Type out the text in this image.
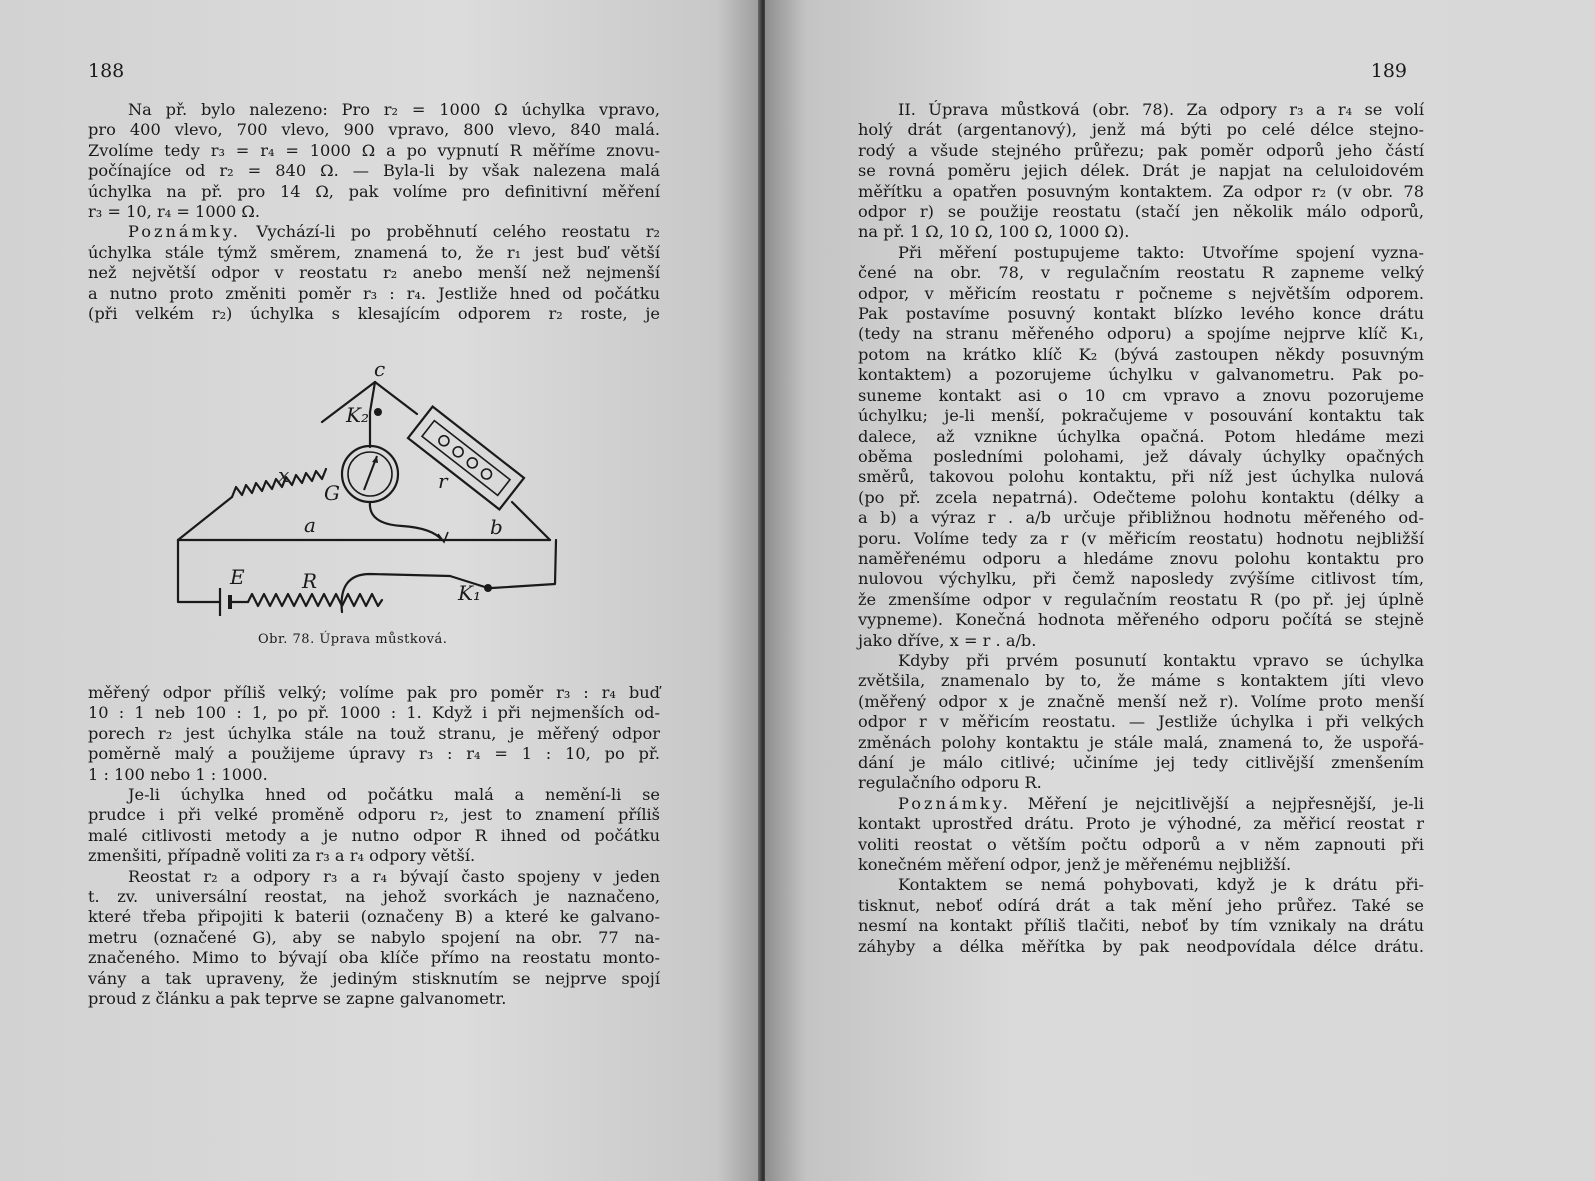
188
Na př. bylo nalezeno: Pro r₂ = 1000 Ω úchylka vpravo,
pro 400 vlevo, 700 vlevo, 900 vpravo, 800 vlevo, 840 malá.
Zvolíme tedy r₃ = r₄ = 1000 Ω a po vypnutí R měříme znovu-
počínajíce od r₂ = 840 Ω. — Byla-li by však nalezena malá
úchylka na př. pro 14 Ω, pak volíme pro definitivní měření
r₃ = 10, r₄ = 1000 Ω.
Poznámky. Vychází-li po proběhnutí celého reostatu r₂
úchylka stále týmž směrem, znamená to, že r₁ jest buď větší
než největší odpor v reostatu r₂ anebo menší než nejmenší
a nutno proto změniti poměr r₃ : r₄. Jestliže hned od počátku
(při velkém r₂) úchylka s klesajícím odporem r₂ roste, je
c
K₂
G
x	r
a	b
E	R	K₁
Obr. 78. Úprava můstková.
měřený odpor příliš velký; volíme pak pro poměr r₃ : r₄ buď
10 : 1 neb 100 : 1, po př. 1000 : 1. Když i při nejmenších od-
porech r₂ jest úchylka stále na touž stranu, je měřený odpor
poměrně malý a použijeme úpravy r₃ : r₄ = 1 : 10, po př.
1 : 100 nebo 1 : 1000.
Je-li úchylka hned od počátku malá a nemění-li se
prudce i při velké proměně odporu r₂, jest to znamení příliš
malé citlivosti metody a je nutno odpor R ihned od počátku
zmenšiti, případně voliti za r₃ a r₄ odpory větší.
Reostat r₂ a odpory r₃ a r₄ bývají často spojeny v jeden
t. zv. universální reostat, na jehož svorkách je naznačeno,
které třeba připojiti k baterii (označeny B) a které ke galvano-
metru (označené G), aby se nabylo spojení na obr. 77 na-
značeného. Mimo to bývají oba klíče přímo na reostatu monto-
vány a tak upraveny, že jediným stisknutím se nejprve spojí
proud z článku a pak teprve se zapne galvanometr.
189
II. Úprava můstková (obr. 78). Za odpory r₃ a r₄ se volí
holý drát (argentanový), jenž má býti po celé délce stejno-
rodý a všude stejného průřezu; pak poměr odporů jeho částí
se rovná poměru jejich délek. Drát je napjat na celuloidovém
měřítku a opatřen posuvným kontaktem. Za odpor r₂ (v obr. 78
odpor r) se použije reostatu (stačí jen několik málo odporů,
na př. 1 Ω, 10 Ω, 100 Ω, 1000 Ω).
Při měření postupujeme takto: Utvoříme spojení vyzna-
čené na obr. 78, v regulačním reostatu R zapneme velký
odpor, v měřicím reostatu r počneme s největším odporem.
Pak postavíme posuvný kontakt blízko levého konce drátu
(tedy na stranu měřeného odporu) a spojíme nejprve klíč K₁,
potom na krátko klíč K₂ (bývá zastoupen někdy posuvným
kontaktem) a pozorujeme úchylku v galvanometru. Pak po-
suneme kontakt asi o 10 cm vpravo a znovu pozorujeme
úchylku; je-li menší, pokračujeme v posouvání kontaktu tak
dalece, až vznikne úchylka opačná. Potom hledáme mezi
oběma posledními polohami, jež dávaly úchylky opačných
směrů, takovou polohu kontaktu, při níž jest úchylka nulová
(po př. zcela nepatrná). Odečteme polohu kontaktu (délky a
a b) a výraz r . a/b určuje přibližnou hodnotu měřeného od-
poru. Volíme tedy za r (v měřicím reostatu) hodnotu nejbližší
naměřenému odporu a hledáme znovu polohu kontaktu pro
nulovou výchylku, při čemž naposledy zvýšíme citlivost tím,
že zmenšíme odpor v regulačním reostatu R (po př. jej úplně
vypneme). Konečná hodnota měřeného odporu počítá se stejně
jako dříve, x = r . a/b.
Kdyby při prvém posunutí kontaktu vpravo se úchylka
zvětšila, znamenalo by to, že máme s kontaktem jíti vlevo
(měřený odpor x je značně menší než r). Volíme proto menší
odpor r v měřicím reostatu. — Jestliže úchylka i při velkých
změnách polohy kontaktu je stále malá, znamená to, že uspořá-
dání je málo citlivé; učiníme jej tedy citlivější zmenšením
regulačního odporu R.
Poznámky. Měření je nejcitlivější a nejpřesnější, je-li
kontakt uprostřed drátu. Proto je výhodné, za měřicí reostat r
voliti reostat o větším počtu odporů a v něm zapnouti při
konečném měření odpor, jenž je měřenému nejbližší.
Kontaktem se nemá pohybovati, když je k drátu při-
tisknut, neboť odírá drát a tak mění jeho průřez. Také se
nesmí na kontakt příliš tlačiti, neboť by tím vznikaly na drátu
záhyby a délka měřítka by pak neodpovídala délce drátu.
